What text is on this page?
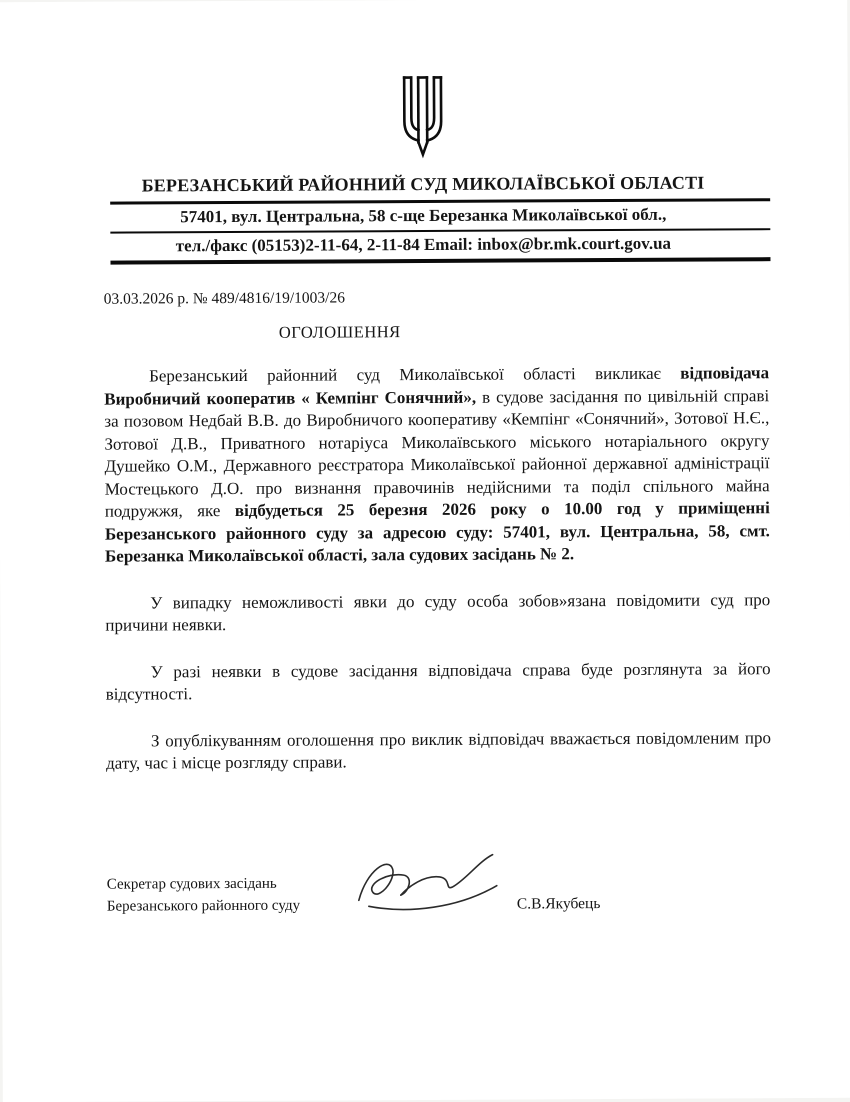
БЕРЕЗАНСЬКИЙ РАЙОННИЙ СУД МИКОЛАЇВСЬКОЇ ОБЛАСТІ
57401, вул. Центральна, 58 с-ще Березанка Миколаївської обл.,
тел./факс (05153)2-11-64, 2-11-84 Email: inbox@br.mk.court.gov.ua
03.03.2026 р. № 489/4816/19/1003/26
ОГОЛОШЕННЯ

Березанський районний суд Миколаївської області викликає відповідача Виробничий кооператив « Кемпінг Сонячний», в судове засідання по цивільній справі за позовом Недбай В.В. до Виробничого кооперативу «Кемпінг «Сонячний», Зотової Н.Є., Зотової Д.В., Приватного нотаріуса Миколаївського міського нотаріального округу Душейко О.М., Державного реєстратора Миколаївської районної державної адміністрації Мостецького Д.О. про визнання правочинів недійсними та поділ спільного майна подружжя, яке відбудеться 25 березня 2026 року о 10.00 год у приміщенні Березанського районного суду за адресою суду: 57401, вул. Центральна, 58, смт. Березанка Миколаївської області, зала судових засідань № 2.

У випадку неможливості явки до суду особа зобов»язана повідомити суд про причини неявки.

У разі неявки в судове засідання відповідача справа буде розглянута за його відсутності.

З опублікуванням оголошення про виклик відповідач вважається повідомленим про дату, час і місце розгляду справи.

Секретар судових засідань
Березанського районного суду	С.В.Якубець
